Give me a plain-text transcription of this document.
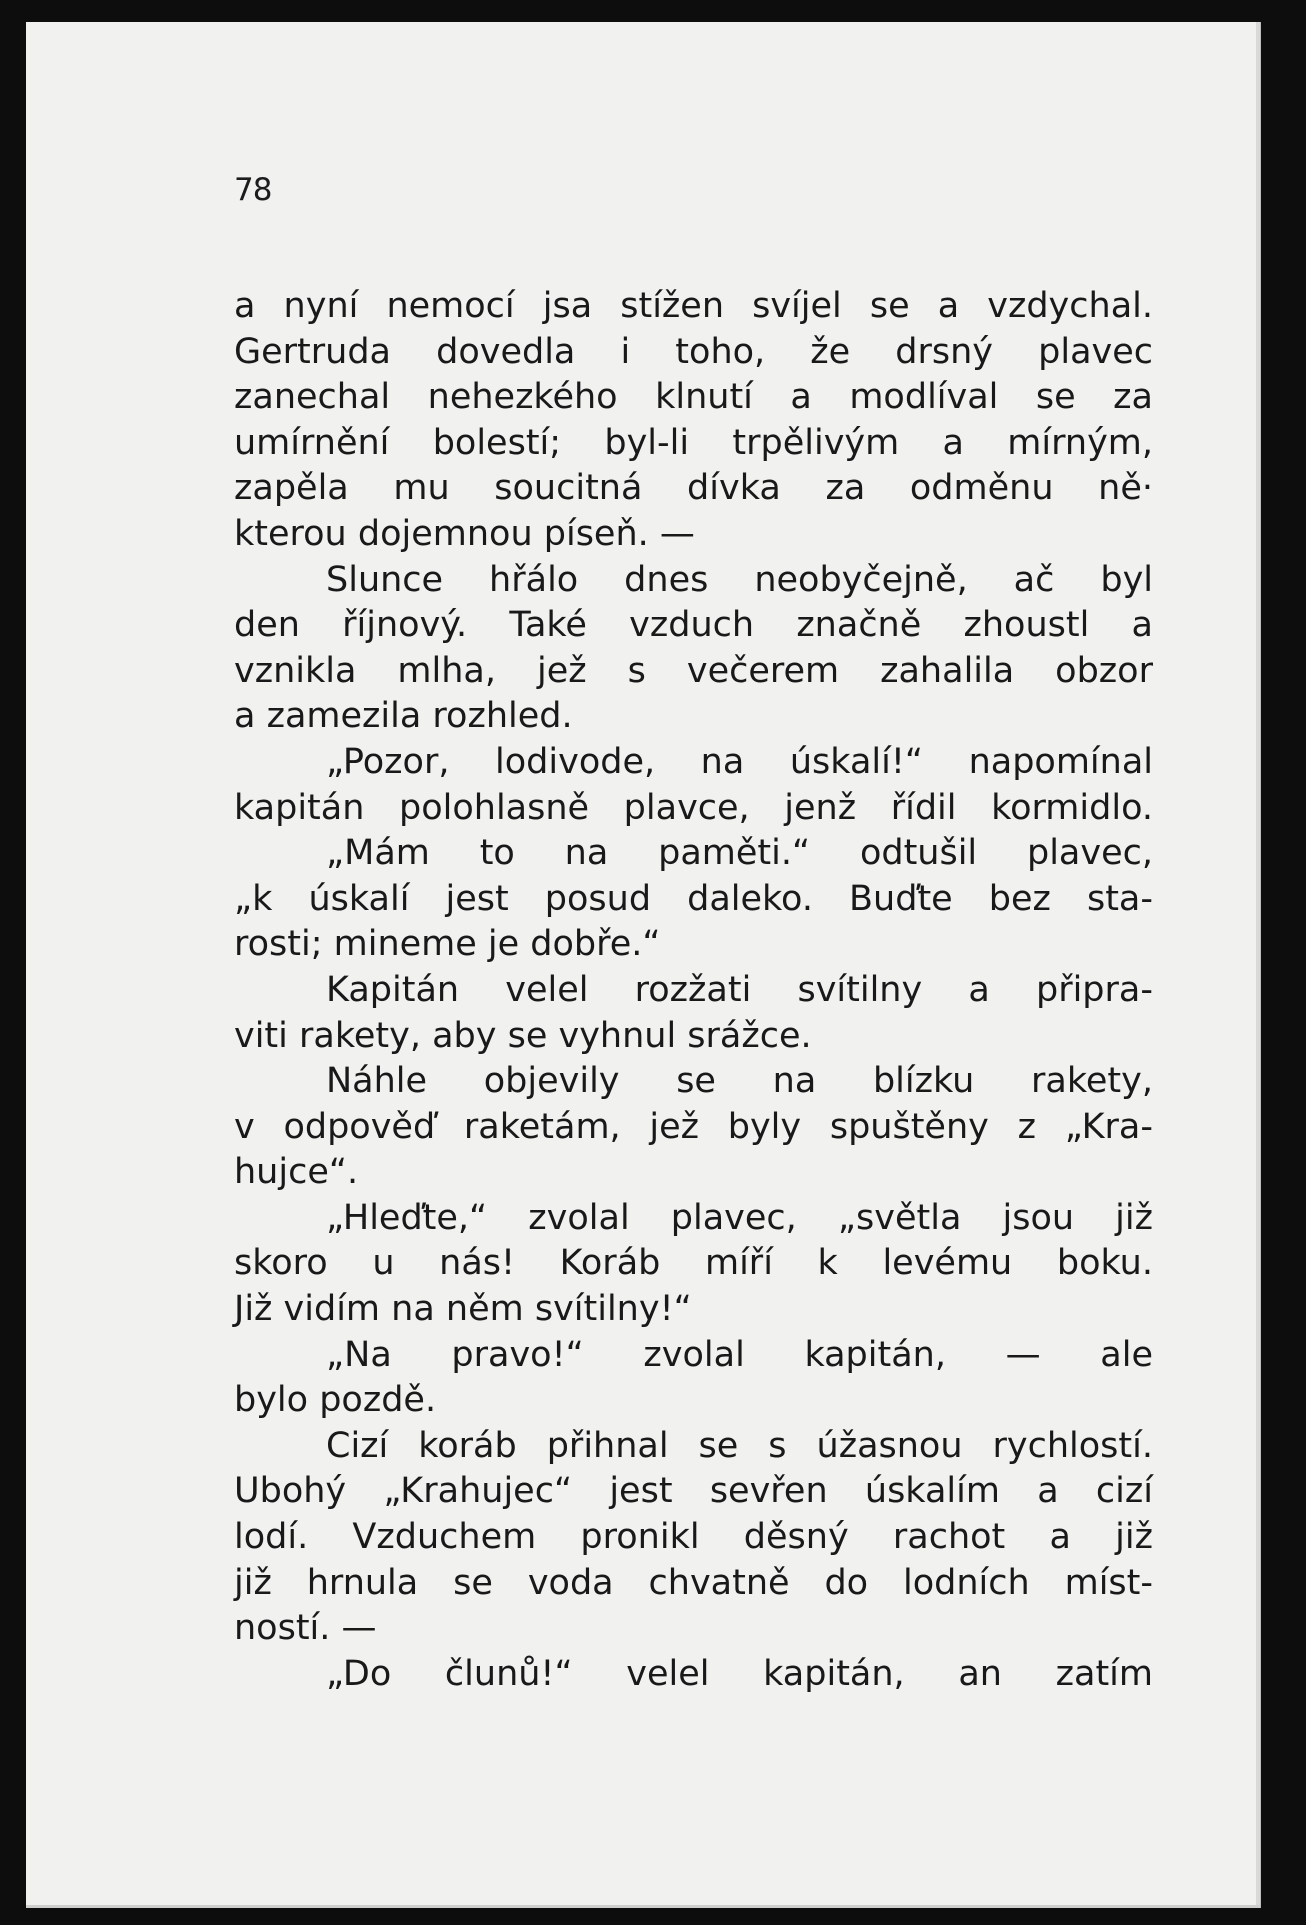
78
a nyní nemocí jsa stížen svíjel se a vzdychal.
Gertruda dovedla i toho, že drsný plavec
zanechal nehezkého klnutí a modlíval se za
umírnění bolestí; byl-li trpělivým a mírným,
zapěla mu soucitná dívka za odměnu ně·
kterou dojemnou píseň. —
Slunce hřálo dnes neobyčejně, ač byl
den říjnový. Také vzduch značně zhoustl a
vznikla mlha, jež s večerem zahalila obzor
a zamezila rozhled.
„Pozor, lodivode, na úskalí!“ napomínal
kapitán polohlasně plavce, jenž řídil kormidlo.
„Mám to na paměti.“ odtušil plavec,
„k úskalí jest posud daleko. Buďte bez sta-
rosti; mineme je dobře.“
Kapitán velel rozžati svítilny a připra-
viti rakety, aby se vyhnul srážce.
Náhle objevily se na blízku rakety,
v odpověď raketám, jež byly spuštěny z „Kra-
hujce“.
„Hleďte,“ zvolal plavec, „světla jsou již
skoro u nás! Koráb míří k levému boku.
Již vidím na něm svítilny!“
„Na pravo!“ zvolal kapitán, — ale
bylo pozdě.
Cizí koráb přihnal se s úžasnou rychlostí.
Ubohý „Krahujec“ jest sevřen úskalím a cizí
lodí. Vzduchem pronikl děsný rachot a již
již hrnula se voda chvatně do lodních míst-
ností. —
„Do člunů!“ velel kapitán, an zatím
